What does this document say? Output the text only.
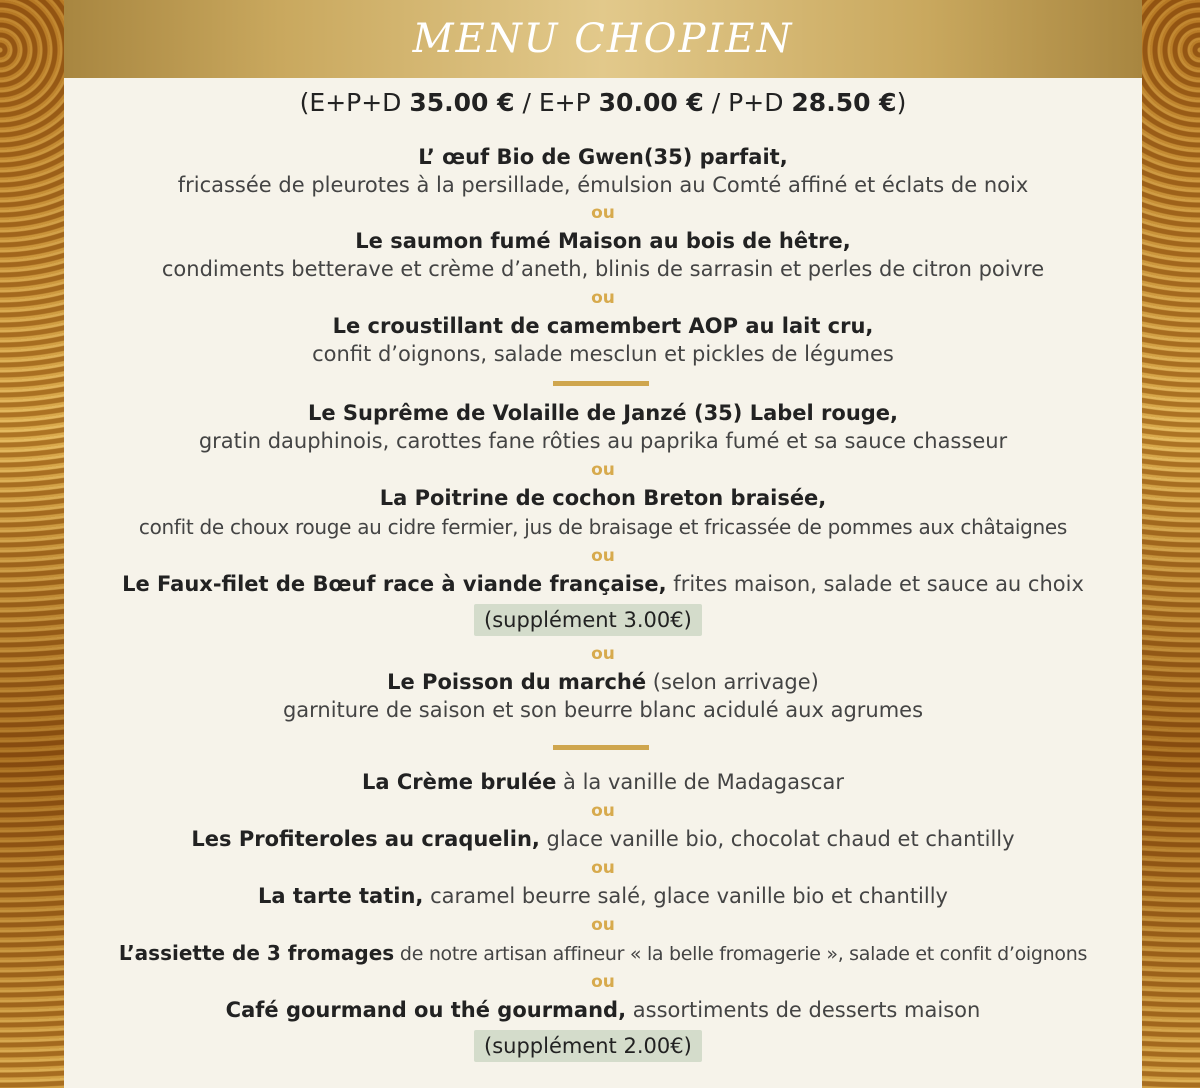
MENU CHOPIEN
(E+P+D 35.00 € / E+P 30.00 € / P+D 28.50 €)
L’ œuf Bio de Gwen(35) parfait,
fricassée de pleurotes à la persillade, émulsion au Comté affiné et éclats de noix
ou
Le saumon fumé Maison au bois de hêtre,
condiments betterave et crème d’aneth, blinis de sarrasin et perles de citron poivre
ou
Le croustillant de camembert AOP au lait cru,
confit d’oignons, salade mesclun et pickles de légumes
Le Suprême de Volaille de Janzé (35) Label rouge,
gratin dauphinois, carottes fane rôties au paprika fumé et sa sauce chasseur
ou
La Poitrine de cochon Breton braisée,
confit de choux rouge au cidre fermier, jus de braisage et fricassée de pommes aux châtaignes
ou
Le Faux-filet de Bœuf race à viande française, frites maison, salade et sauce au choix
(supplément 3.00€)
ou
Le Poisson du marché (selon arrivage)
garniture de saison et son beurre blanc acidulé aux agrumes
La Crème brulée à la vanille de Madagascar
ou
Les Profiteroles au craquelin, glace vanille bio, chocolat chaud et chantilly
ou
La tarte tatin, caramel beurre salé, glace vanille bio et chantilly
ou
L’assiette de 3 fromages de notre artisan affineur « la belle fromagerie », salade et confit d’oignons
ou
Café gourmand ou thé gourmand, assortiments de desserts maison
(supplément 2.00€)
